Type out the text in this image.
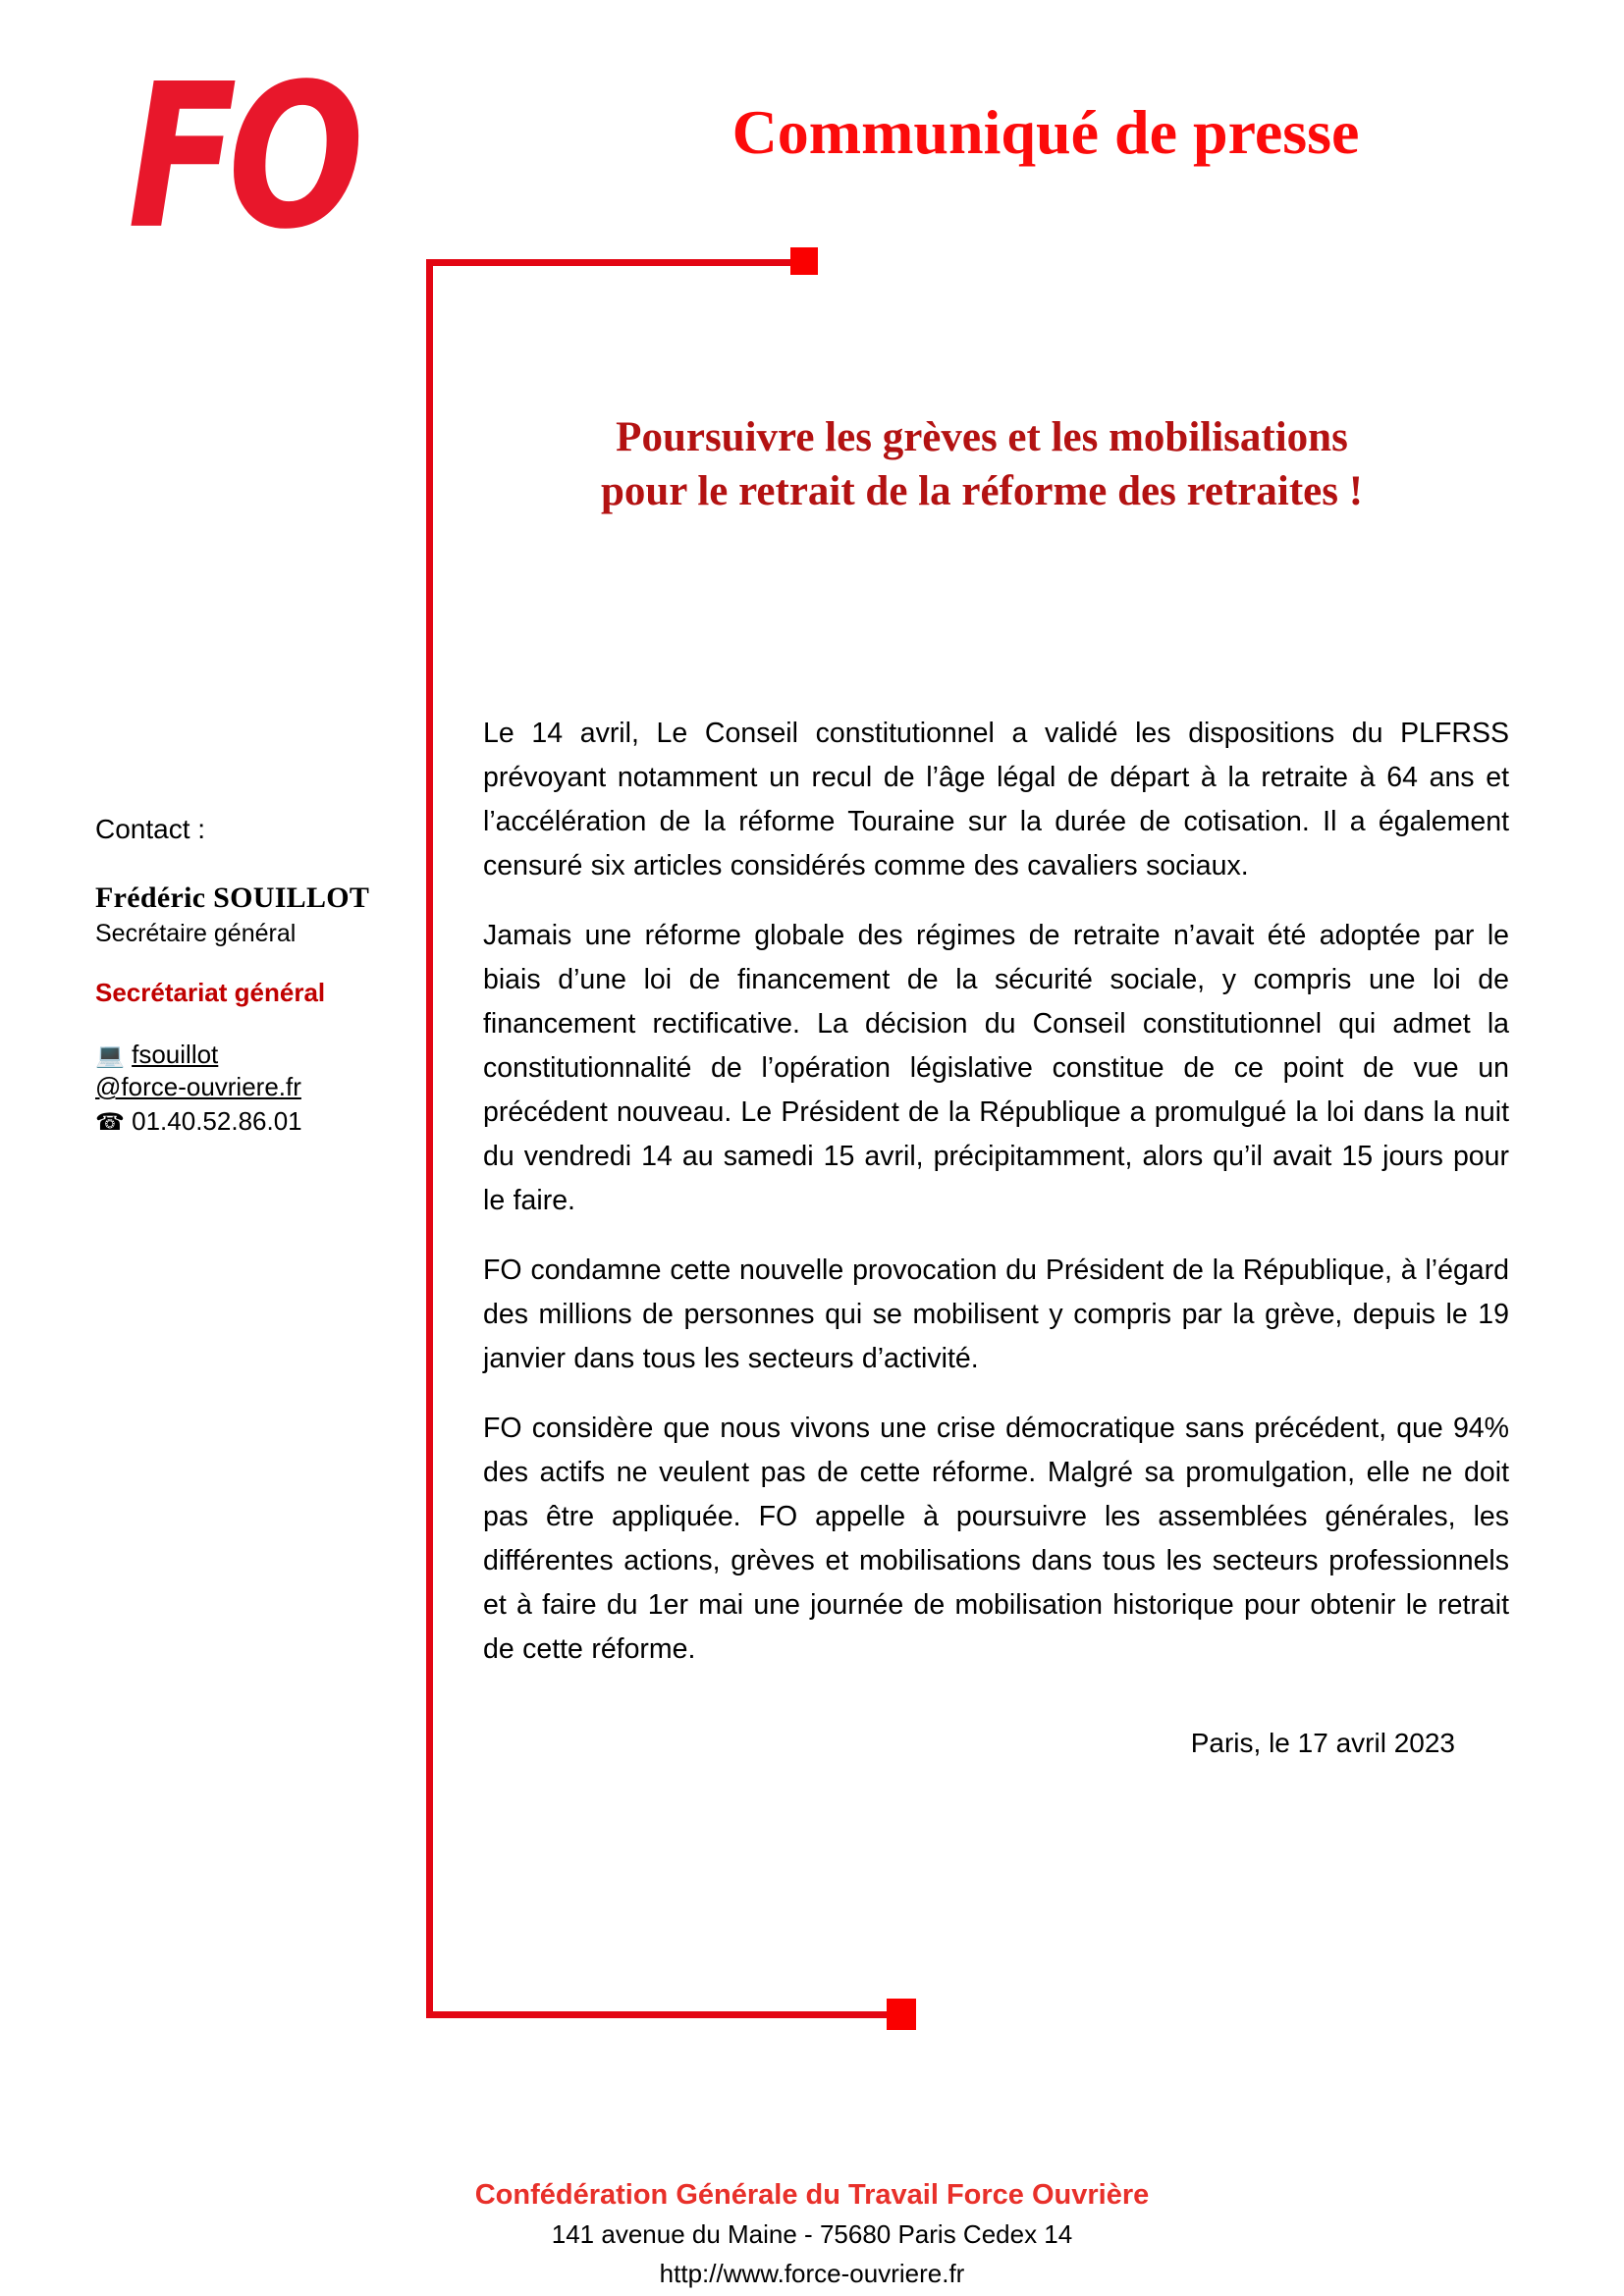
FO	Communiqué de presse
Poursuivre les grèves et les mobilisations
pour le retrait de la réforme des retraites !
Contact :
Frédéric SOUILLOT
Secrétaire général
Secrétariat général
💻 fsouillot
@force-ouvriere.fr
☎ 01.40.52.86.01

Le 14 avril, Le Conseil constitutionnel a validé les dispositions du PLFRSS prévoyant notamment un recul de l’âge légal de départ à la retraite à 64 ans et l’accélération de la réforme Touraine sur la durée de cotisation. Il a également censuré six articles considérés comme des cavaliers sociaux.

Jamais une réforme globale des régimes de retraite n’avait été adoptée par le biais d’une loi de financement de la sécurité sociale, y compris une loi de financement rectificative. La décision du Conseil constitutionnel qui admet la constitutionnalité de l’opération législative constitue de ce point de vue un précédent nouveau. Le Président de la République a promulgué la loi dans la nuit du vendredi 14 au samedi 15 avril, précipitamment, alors qu’il avait 15 jours pour le faire.

FO condamne cette nouvelle provocation du Président de la République, à l’égard des millions de personnes qui se mobilisent y compris par la grève, depuis le 19 janvier dans tous les secteurs d’activité.

FO considère que nous vivons une crise démocratique sans précédent, que 94% des actifs ne veulent pas de cette réforme. Malgré sa promulgation, elle ne doit pas être appliquée. FO appelle à poursuivre les assemblées générales, les différentes actions, grèves et mobilisations dans tous les secteurs professionnels et à faire du 1er mai une journée de mobilisation historique pour obtenir le retrait de cette réforme.

Paris, le 17 avril 2023
Confédération Générale du Travail Force Ouvrière
141 avenue du Maine - 75680 Paris Cedex 14
http://www.force-ouvriere.fr
